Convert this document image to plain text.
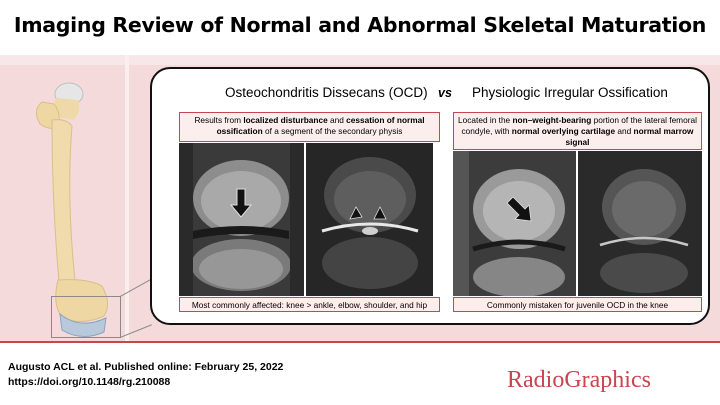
Imaging Review of Normal and Abnormal Skeletal Maturation
Osteochondritis Dissecans (OCD) vs Physiologic Irregular Ossification
Results from localized disturbance and cessation of normal ossification of a segment of the secondary physis
Located in the non–weight-bearing portion of the lateral femoral condyle, with normal overlying cartilage and normal marrow signal
Most commonly affected: knee > ankle, elbow, shoulder, and hip	Commonly mistaken for juvenile OCD in the knee
Augusto ACL et al. Published online: February 25, 2022
https://doi.org/10.1148/rg.210088	RadioGraphics
